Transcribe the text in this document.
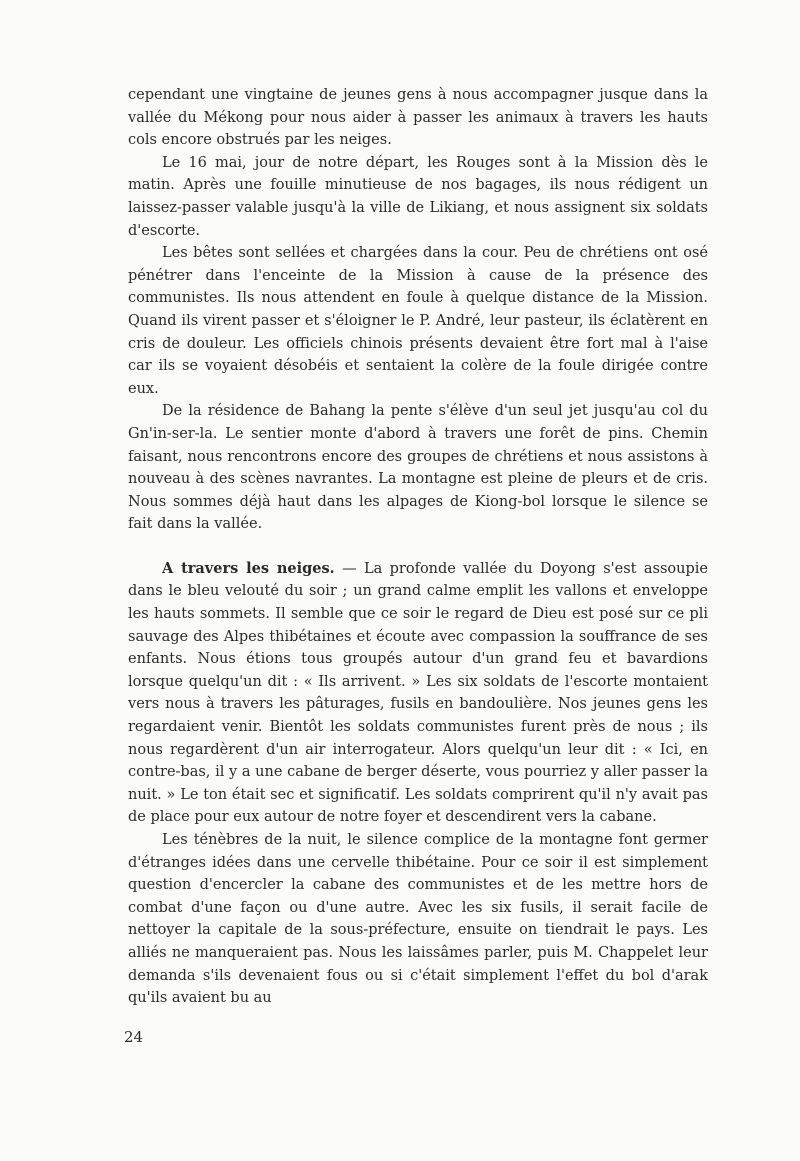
cependant une vingtaine de jeunes gens à nous accompagner jusque dans la vallée du Mékong pour nous aider à passer les animaux à travers les hauts cols encore obstrués par les neiges.

Le 16 mai, jour de notre départ, les Rouges sont à la Mission dès le matin. Après une fouille minutieuse de nos bagages, ils nous rédigent un laissez-passer valable jusqu'à la ville de Likiang, et nous assignent six soldats d'escorte.

Les bêtes sont sellées et chargées dans la cour. Peu de chrétiens ont osé pénétrer dans l'enceinte de la Mission à cause de la présence des communistes. Ils nous attendent en foule à quelque distance de la Mission. Quand ils virent passer et s'éloigner le P. André, leur pasteur, ils éclatèrent en cris de douleur. Les officiels chinois présents devaient être fort mal à l'aise car ils se voyaient désobéis et sentaient la colère de la foule dirigée contre eux.

De la résidence de Bahang la pente s'élève d'un seul jet jusqu'au col du Gn'in-ser-la. Le sentier monte d'abord à travers une forêt de pins. Chemin faisant, nous rencontrons encore des groupes de chrétiens et nous assistons à nouveau à des scènes navrantes. La montagne est pleine de pleurs et de cris. Nous sommes déjà haut dans les alpages de Kiong-bol lorsque le silence se fait dans la vallée.

A travers les neiges. — La profonde vallée du Doyong s'est assoupie dans le bleu velouté du soir ; un grand calme emplit les vallons et enveloppe les hauts sommets. Il semble que ce soir le regard de Dieu est posé sur ce pli sauvage des Alpes thibétaines et écoute avec compassion la souffrance de ses enfants. Nous étions tous groupés autour d'un grand feu et bavardions lorsque quelqu'un dit : « Ils arrivent. » Les six soldats de l'escorte montaient vers nous à travers les pâturages, fusils en bandoulière. Nos jeunes gens les regardaient venir. Bientôt les soldats communistes furent près de nous ; ils nous regardèrent d'un air interrogateur. Alors quelqu'un leur dit : « Ici, en contre-bas, il y a une cabane de berger déserte, vous pourriez y aller passer la nuit. » Le ton était sec et significatif. Les soldats comprirent qu'il n'y avait pas de place pour eux autour de notre foyer et descendirent vers la cabane.

Les ténèbres de la nuit, le silence complice de la montagne font germer d'étranges idées dans une cervelle thibétaine. Pour ce soir il est simplement question d'encercler la cabane des communistes et de les mettre hors de combat d'une façon ou d'une autre. Avec les six fusils, il serait facile de nettoyer la capitale de la sous-préfecture, ensuite on tiendrait le pays. Les alliés ne manqueraient pas. Nous les laissâmes parler, puis M. Chappelet leur demanda s'ils devenaient fous ou si c'était simplement l'effet du bol d'arak qu'ils avaient bu au

24
